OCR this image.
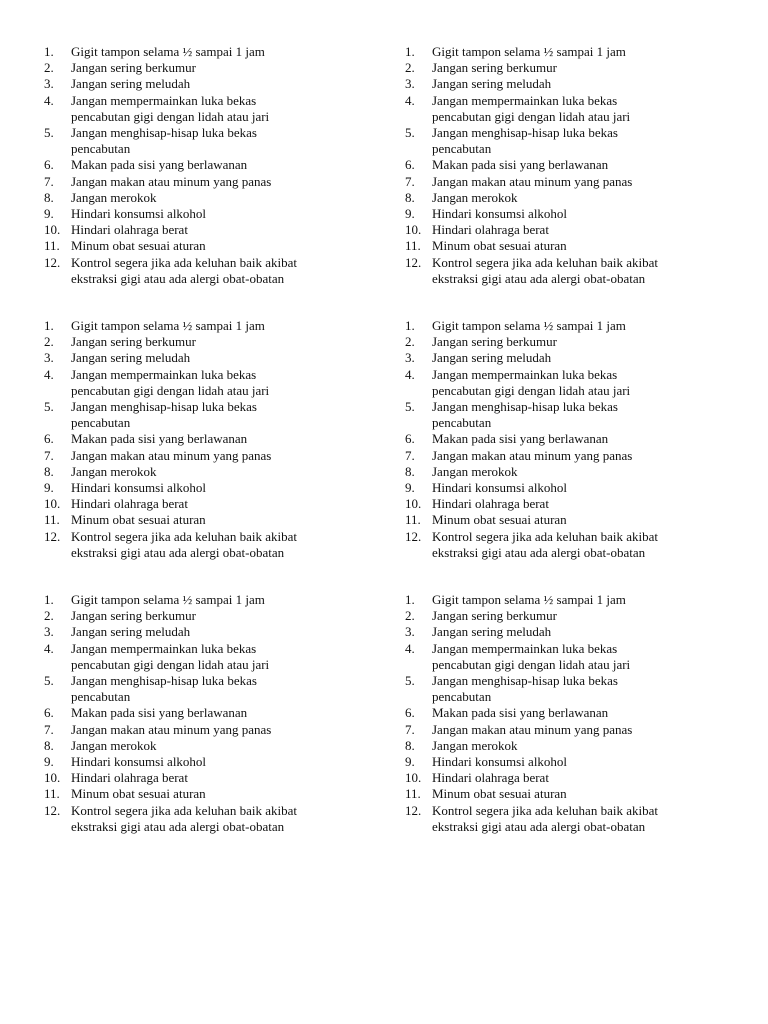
1.	Gigit tampon selama ½ sampai 1 jam
2.	Jangan sering berkumur
3.	Jangan sering meludah
4.	Jangan mempermainkan luka bekas pencabutan gigi dengan lidah atau jari
5.	Jangan menghisap-hisap luka bekas pencabutan
6.	Makan pada sisi yang berlawanan
7.	Jangan makan atau minum yang panas
8.	Jangan merokok
9.	Hindari konsumsi alkohol
10. Hindari olahraga berat
11. Minum obat sesuai aturan
12. Kontrol segera jika ada keluhan baik akibat ekstraksi gigi atau ada alergi obat-obatan
1.	Gigit tampon selama ½ sampai 1 jam
2.	Jangan sering berkumur
3.	Jangan sering meludah
4.	Jangan mempermainkan luka bekas pencabutan gigi dengan lidah atau jari
5.	Jangan menghisap-hisap luka bekas pencabutan
6.	Makan pada sisi yang berlawanan
7.	Jangan makan atau minum yang panas
8.	Jangan merokok
9.	Hindari konsumsi alkohol
10. Hindari olahraga berat
11. Minum obat sesuai aturan
12. Kontrol segera jika ada keluhan baik akibat ekstraksi gigi atau ada alergi obat-obatan
1.	Gigit tampon selama ½ sampai 1 jam
2.	Jangan sering berkumur
3.	Jangan sering meludah
4.	Jangan mempermainkan luka bekas pencabutan gigi dengan lidah atau jari
5.	Jangan menghisap-hisap luka bekas pencabutan
6.	Makan pada sisi yang berlawanan
7.	Jangan makan atau minum yang panas
8.	Jangan merokok
9.	Hindari konsumsi alkohol
10. Hindari olahraga berat
11. Minum obat sesuai aturan
12. Kontrol segera jika ada keluhan baik akibat ekstraksi gigi atau ada alergi obat-obatan
1.	Gigit tampon selama ½ sampai 1 jam
2.	Jangan sering berkumur
3.	Jangan sering meludah
4.	Jangan mempermainkan luka bekas pencabutan gigi dengan lidah atau jari
5.	Jangan menghisap-hisap luka bekas pencabutan
6.	Makan pada sisi yang berlawanan
7.	Jangan makan atau minum yang panas
8.	Jangan merokok
9.	Hindari konsumsi alkohol
10. Hindari olahraga berat
11. Minum obat sesuai aturan
12. Kontrol segera jika ada keluhan baik akibat ekstraksi gigi atau ada alergi obat-obatan
1.	Gigit tampon selama ½ sampai 1 jam
2.	Jangan sering berkumur
3.	Jangan sering meludah
4.	Jangan mempermainkan luka bekas pencabutan gigi dengan lidah atau jari
5.	Jangan menghisap-hisap luka bekas pencabutan
6.	Makan pada sisi yang berlawanan
7.	Jangan makan atau minum yang panas
8.	Jangan merokok
9.	Hindari konsumsi alkohol
10. Hindari olahraga berat
11. Minum obat sesuai aturan
12. Kontrol segera jika ada keluhan baik akibat ekstraksi gigi atau ada alergi obat-obatan
1.	Gigit tampon selama ½ sampai 1 jam
2.	Jangan sering berkumur
3.	Jangan sering meludah
4.	Jangan mempermainkan luka bekas pencabutan gigi dengan lidah atau jari
5.	Jangan menghisap-hisap luka bekas pencabutan
6.	Makan pada sisi yang berlawanan
7.	Jangan makan atau minum yang panas
8.	Jangan merokok
9.	Hindari konsumsi alkohol
10. Hindari olahraga berat
11. Minum obat sesuai aturan
12. Kontrol segera jika ada keluhan baik akibat ekstraksi gigi atau ada alergi obat-obatan
